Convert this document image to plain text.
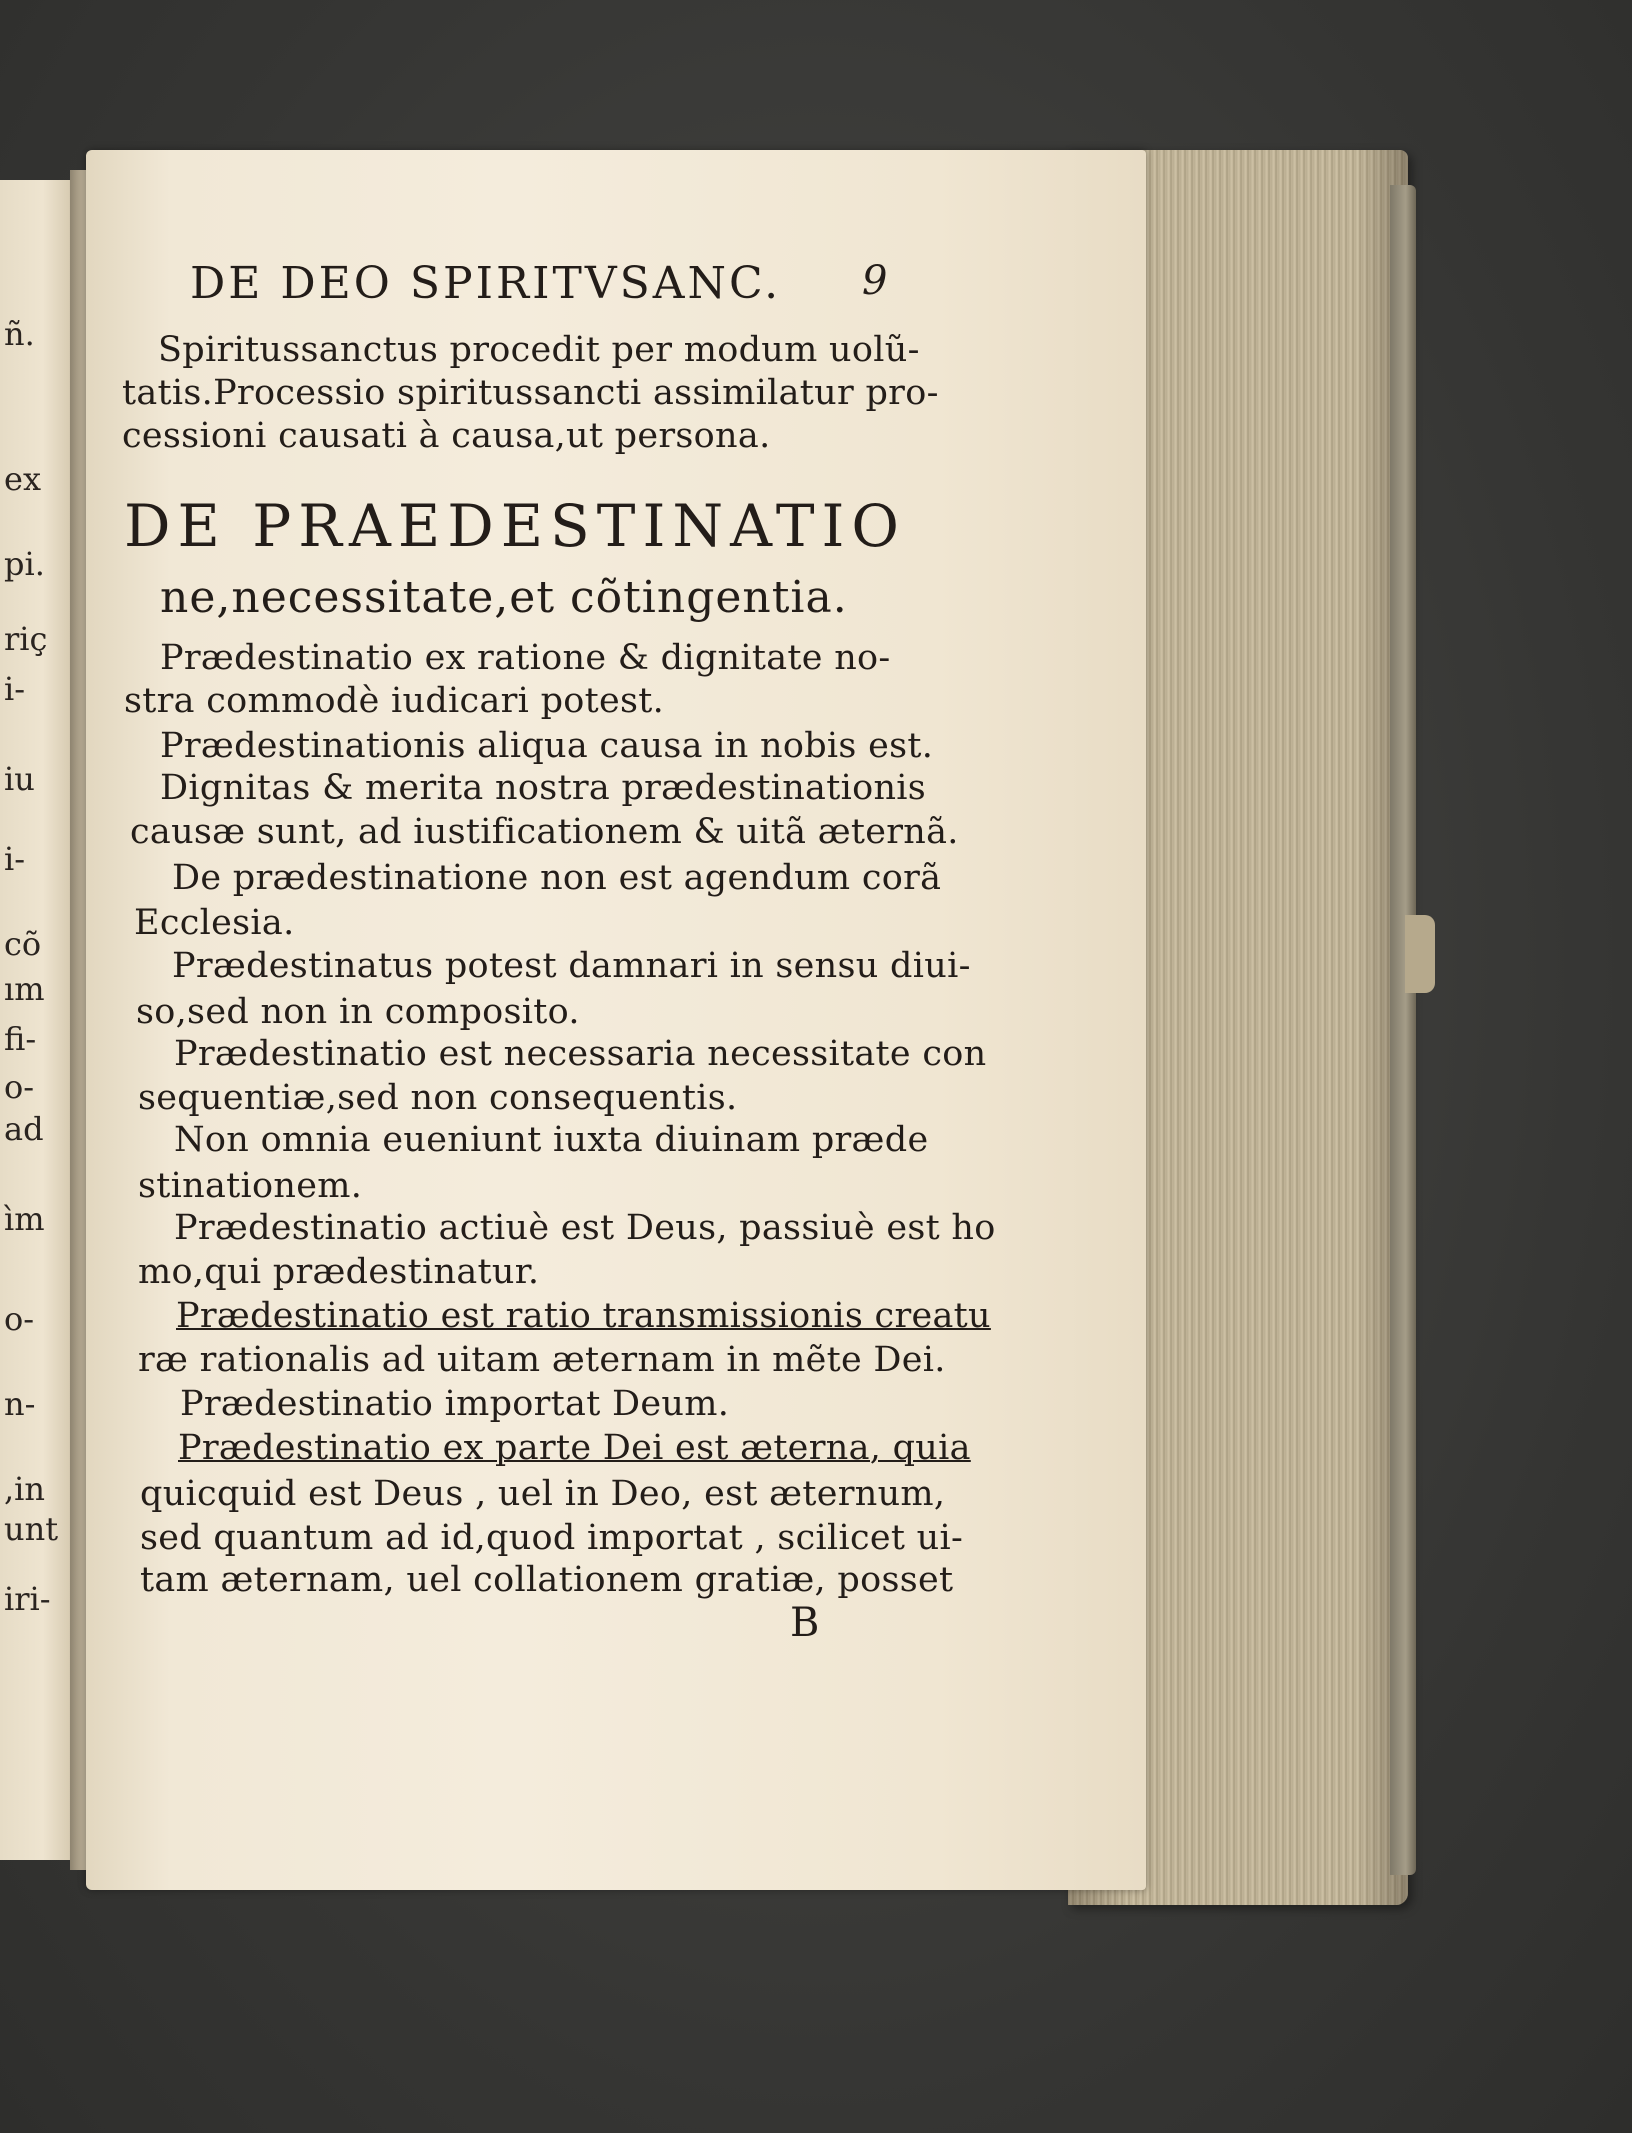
ñ.
ex
pi.
riç
i-
iu
i-
cõ
ım
fi-
o-
ad
ìm
o-
n-
,in
unt
iri-
DE DEO SPIRITVSANC. 9
Spiritussanctus procedit per modum uolũ-
tatis.Processio spiritussancti assimilatur pro-
cessioni causati à causa,ut persona.
DE PRAEDESTINATIO
ne,necessitate,et cõtingentia.
Prædestinatio ex ratione & dignitate no-
stra commodè iudicari potest.
Prædestinationis aliqua causa in nobis est.
Dignitas & merita nostra prædestinationis
causæ sunt, ad iustificationem & uitã æternã.
De prædestinatione non est agendum corã
Ecclesia.
Prædestinatus potest damnari in sensu diui-
so,sed non in composito.
Prædestinatio est necessaria necessitate con
sequentiæ,sed non consequentis.
Non omnia eueniunt iuxta diuinam præde
stinationem.
Prædestinatio actiuè est Deus, passiuè est ho
mo,qui prædestinatur.
Prædestinatio est ratio transmissionis creatu
ræ rationalis ad uitam æternam in mẽte Dei.
Prædestinatio importat Deum.
Prædestinatio ex parte Dei est æterna, quia
quicquid est Deus , uel in Deo, est æternum,
sed quantum ad id,quod importat , scilicet ui-
tam æternam, uel collationem gratiæ, posset
B
